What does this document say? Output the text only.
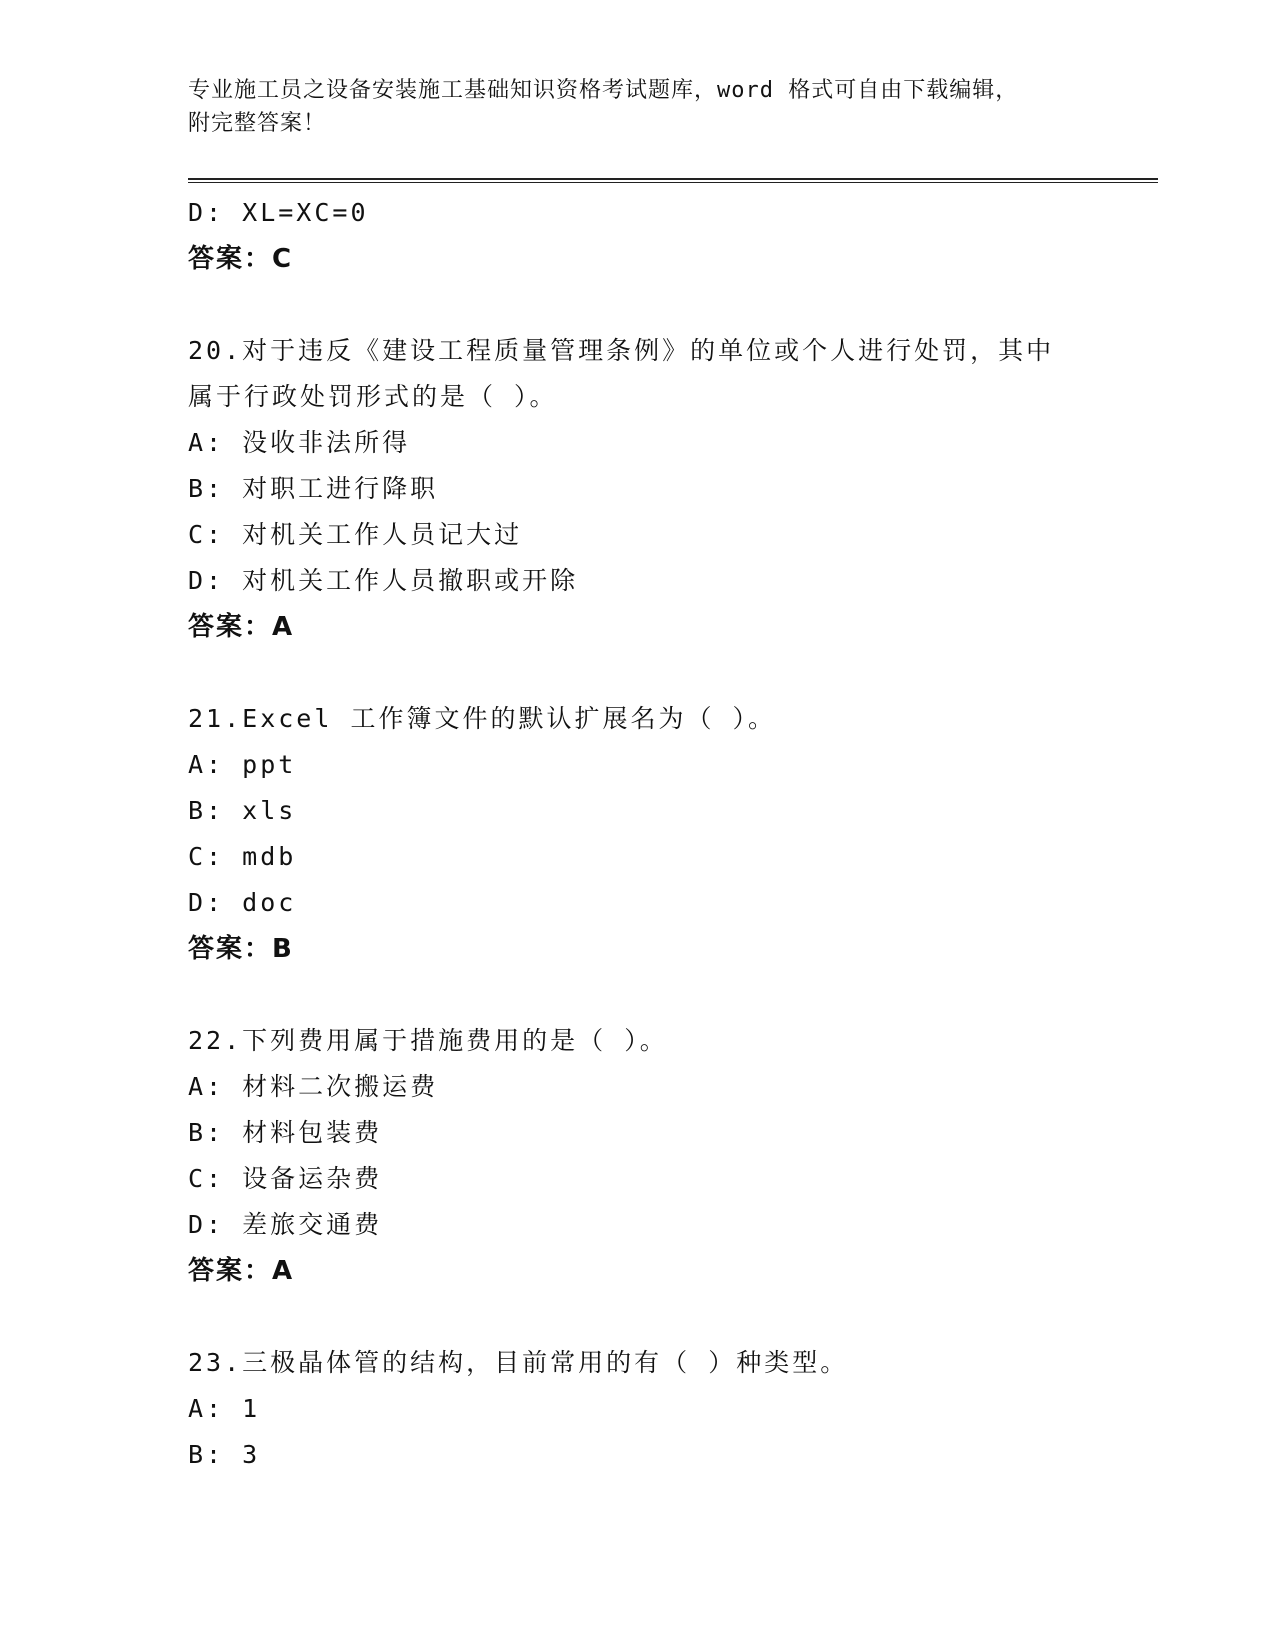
专业施工员之设备安装施工基础知识资格考试题库，word 格式可自由下载编辑，
附完整答案！
D: XL=XC=0
答案：C
20.对于违反《建设工程质量管理条例》的单位或个人进行处罚，其中
属于行政处罚形式的是（ ）。
A: 没收非法所得
B: 对职工进行降职
C: 对机关工作人员记大过
D: 对机关工作人员撤职或开除
答案：A
21.Excel 工作簿文件的默认扩展名为（ ）。
A: ppt
B: xls
C: mdb
D: doc
答案：B
22.下列费用属于措施费用的是（ ）。
A: 材料二次搬运费
B: 材料包装费
C: 设备运杂费
D: 差旅交通费
答案：A
23.三极晶体管的结构，目前常用的有（ ）种类型。
A: 1
B: 3
